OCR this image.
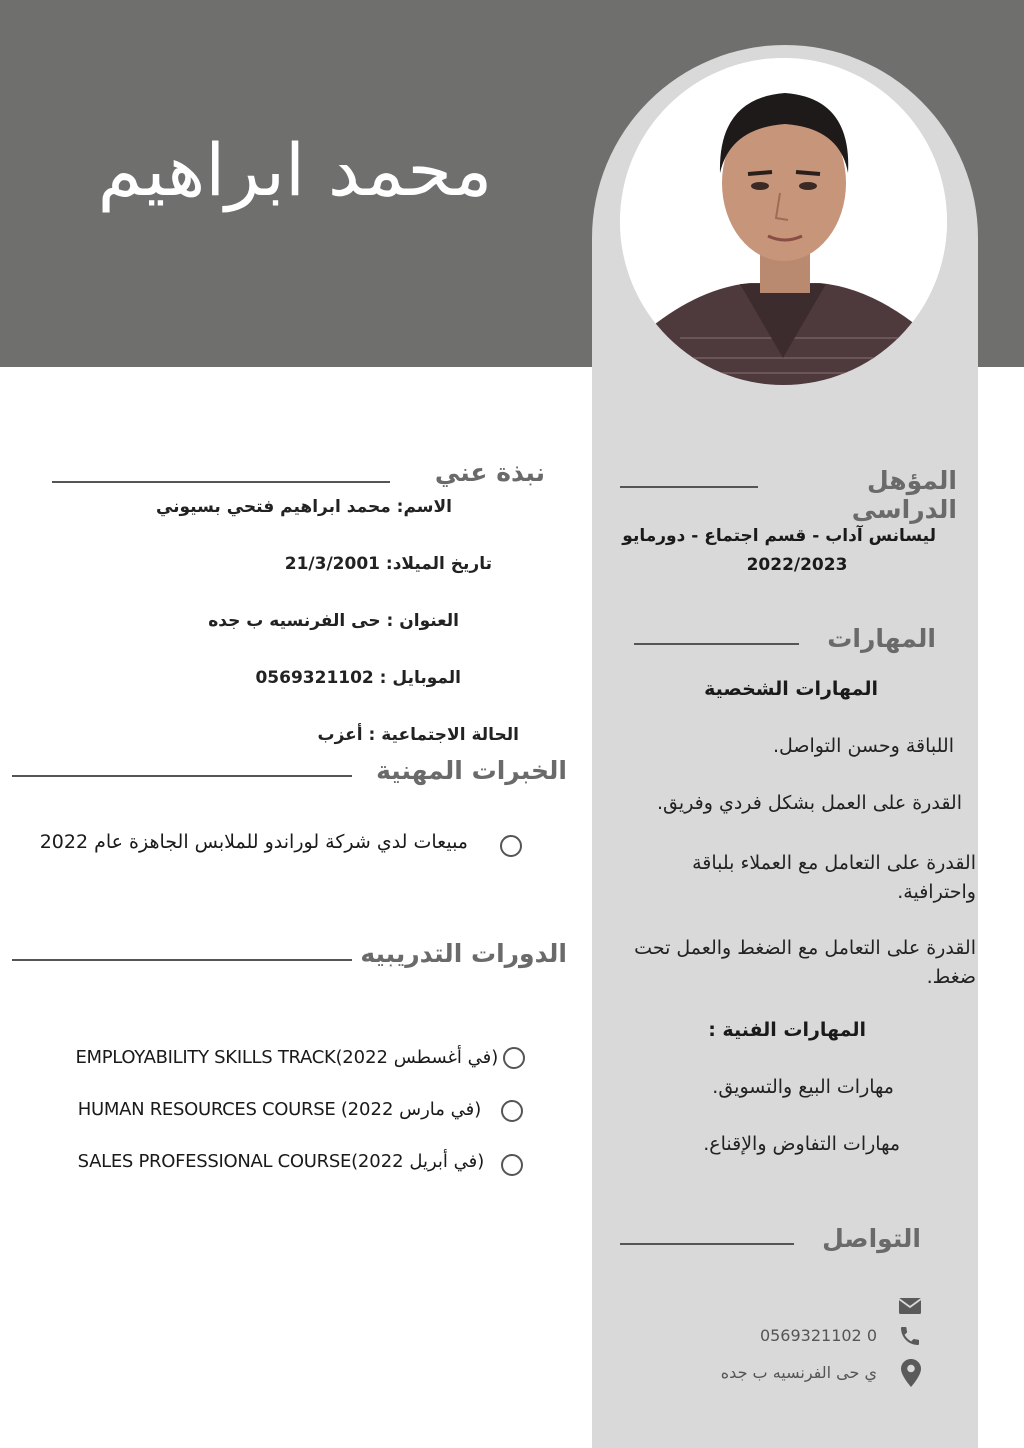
محمد ابراهيم
نبذة عني
الاسم: محمد ابراهيم فتحي بسيوني
تاريخ الميلاد: 21/3/2001
العنوان : حى الفرنسيه ب جده
الموبايل : 0569321102
الحالة الاجتماعية : أعزب
الخبرات المهنية
مبيعات لدي شركة لوراندو للملابس الجاهزة عام 2022
الدورات التدريبيه
EMPLOYABILITY SKILLS TRACK(في أغسطس 2022)
HUMAN RESOURCES COURSE (في مارس 2022)
SALES PROFESSIONAL COURSE(في أبريل 2022)
المؤهل الدراسى
ليسانس آداب - قسم اجتماع - دورمايو
2022/2023
المهارات
المهارات الشخصية
اللباقة وحسن التواصل.
القدرة على العمل بشكل فردي وفريق.
القدرة على التعامل مع العملاء بلباقة واحترافية.
القدرة على التعامل مع الضغط والعمل تحت ضغط.
المهارات الفنية :
مهارات البيع والتسويق.
مهارات التفاوض والإقناع.
التواصل
0569321102 0
ي حى الفرنسيه ب جده
